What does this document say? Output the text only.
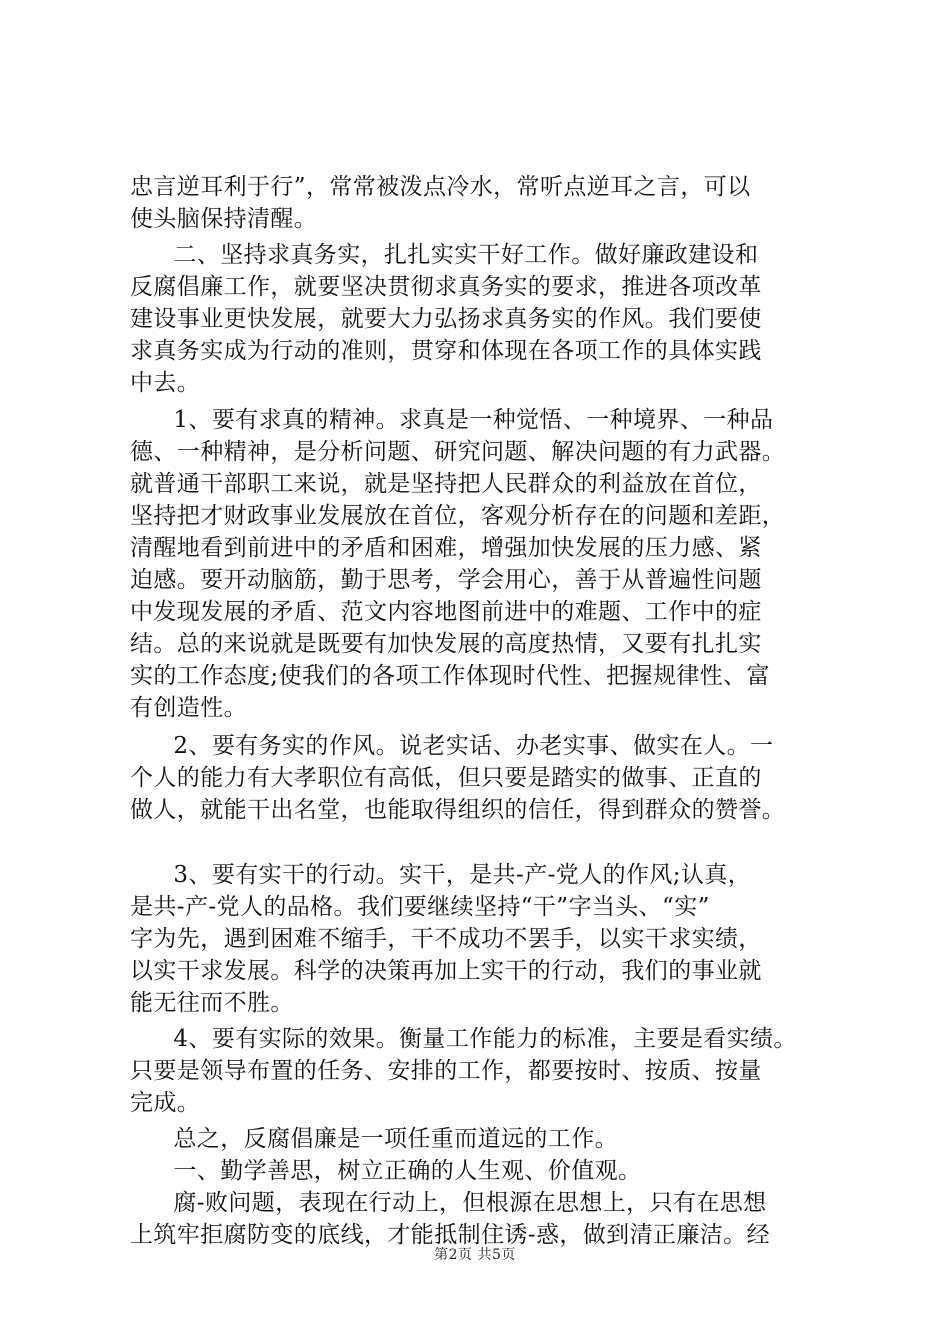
忠言逆耳利于行”，常常被泼点冷水，常听点逆耳之言，可以
使头脑保持清醒。
　二、坚持求真务实，扎扎实实干好工作。做好廉政建设和
反腐倡廉工作，就要坚决贯彻求真务实的要求，推进各项改革
建设事业更快发展，就要大力弘扬求真务实的作风。我们要使
求真务实成为行动的准则，贯穿和体现在各项工作的具体实践
中去。
　1、要有求真的精神。求真是一种觉悟、一种境界、一种品
德、一种精神，是分析问题、研究问题、解决问题的有力武器。
就普通干部职工来说，就是坚持把人民群众的利益放在首位，
坚持把才财政事业发展放在首位，客观分析存在的问题和差距，
清醒地看到前进中的矛盾和困难，增强加快发展的压力感、紧
迫感。要开动脑筋，勤于思考，学会用心，善于从普遍性问题
中发现发展的矛盾、范文内容地图前进中的难题、工作中的症
结。总的来说就是既要有加快发展的高度热情，又要有扎扎实
实的工作态度;使我们的各项工作体现时代性、把握规律性、富
有创造性。
　2、要有务实的作风。说老实话、办老实事、做实在人。一
个人的能力有大孝职位有高低，但只要是踏实的做事、正直的
做人，就能干出名堂，也能取得组织的信任，得到群众的赞誉。
　3、要有实干的行动。实干，是共-产-党人的作风;认真，
是共-产-党人的品格。我们要继续坚持“干”字当头、“实”
字为先，遇到困难不缩手，干不成功不罢手，以实干求实绩，
以实干求发展。科学的决策再加上实干的行动，我们的事业就
能无往而不胜。
　4、要有实际的效果。衡量工作能力的标准，主要是看实绩。
只要是领导布置的任务、安排的工作，都要按时、按质、按量
完成。
　总之，反腐倡廉是一项任重而道远的工作。
　一、勤学善思，树立正确的人生观、价值观。
　腐-败问题，表现在行动上，但根源在思想上，只有在思想
上筑牢拒腐防变的底线，才能抵制住诱-惑，做到清正廉洁。经
第2页 共5页
